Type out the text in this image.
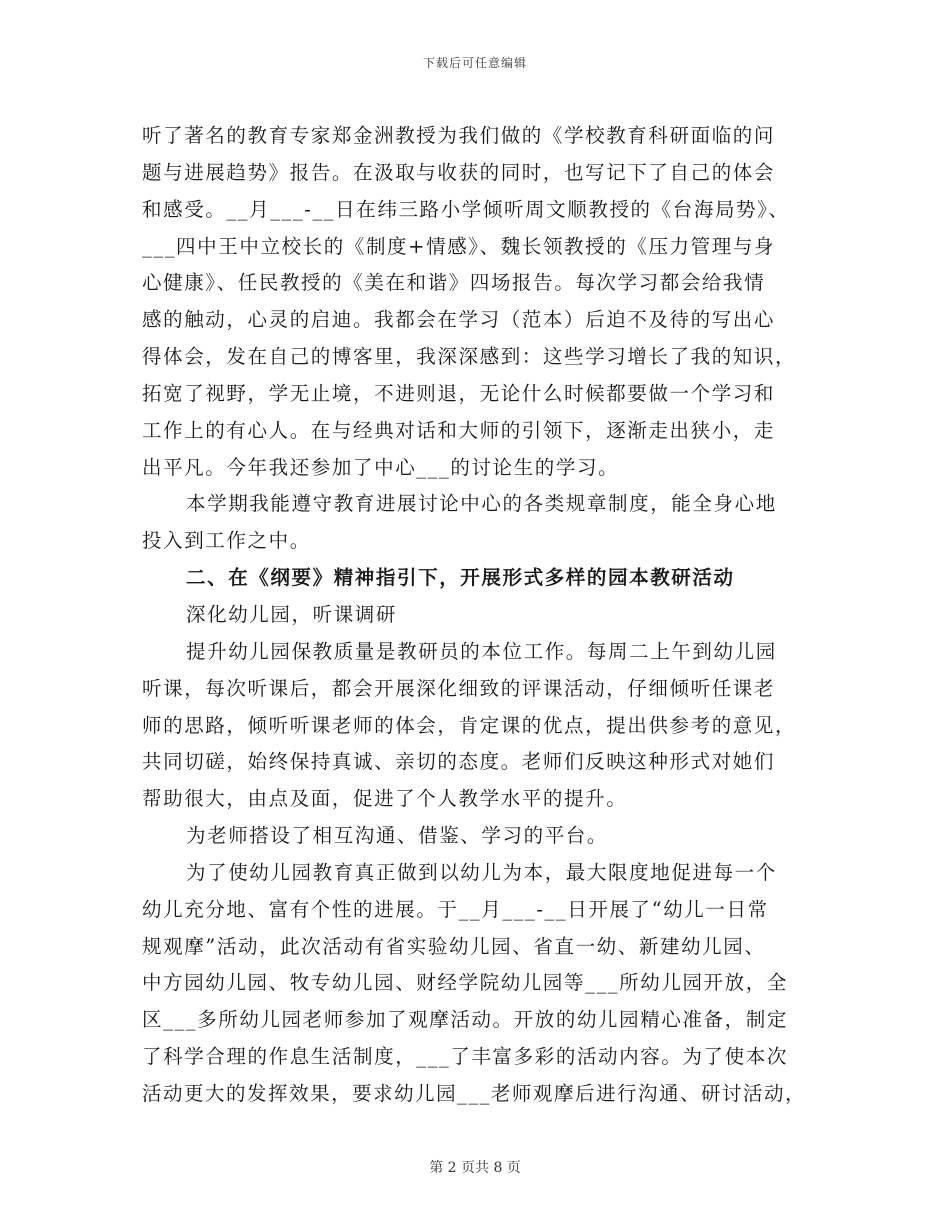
下载后可任意编辑
听了著名的教育专家郑金洲教授为我们做的《学校教育科研面临的问
题与进展趋势》报告。在汲取与收获的同时，也写记下了自己的体会
和感受。__月___-__日在纬三路小学倾听周文顺教授的《台海局势》、
___四中王中立校长的《制度+情感》、魏长领教授的《压力管理与身
心健康》、任民教授的《美在和谐》四场报告。每次学习都会给我情
感的触动，心灵的启迪。我都会在学习（范本）后迫不及待的写出心
得体会，发在自己的博客里，我深深感到：这些学习增长了我的知识，
拓宽了视野，学无止境，不进则退，无论什么时候都要做一个学习和
工作上的有心人。在与经典对话和大师的引领下，逐渐走出狭小，走
出平凡。今年我还参加了中心___的讨论生的学习。
本学期我能遵守教育进展讨论中心的各类规章制度，能全身心地
投入到工作之中。
二、在《纲要》精神指引下，开展形式多样的园本教研活动
深化幼儿园，听课调研
提升幼儿园保教质量是教研员的本位工作。每周二上午到幼儿园
听课，每次听课后，都会开展深化细致的评课活动，仔细倾听任课老
师的思路，倾听听课老师的体会，肯定课的优点，提出供参考的意见，
共同切磋，始终保持真诚、亲切的态度。老师们反映这种形式对她们
帮助很大，由点及面，促进了个人教学水平的提升。
为老师搭设了相互沟通、借鉴、学习的平台。
为了使幼儿园教育真正做到以幼儿为本，最大限度地促进每一个
幼儿充分地、富有个性的进展。于__月___-__日开展了“幼儿一日常
规观摩”活动，此次活动有省实验幼儿园、省直一幼、新建幼儿园、
中方园幼儿园、牧专幼儿园、财经学院幼儿园等___所幼儿园开放，全
区___多所幼儿园老师参加了观摩活动。开放的幼儿园精心准备，制定
了科学合理的作息生活制度，___了丰富多彩的活动内容。为了使本次
活动更大的发挥效果，要求幼儿园___老师观摩后进行沟通、研讨活动，
第 2 页共 8 页
